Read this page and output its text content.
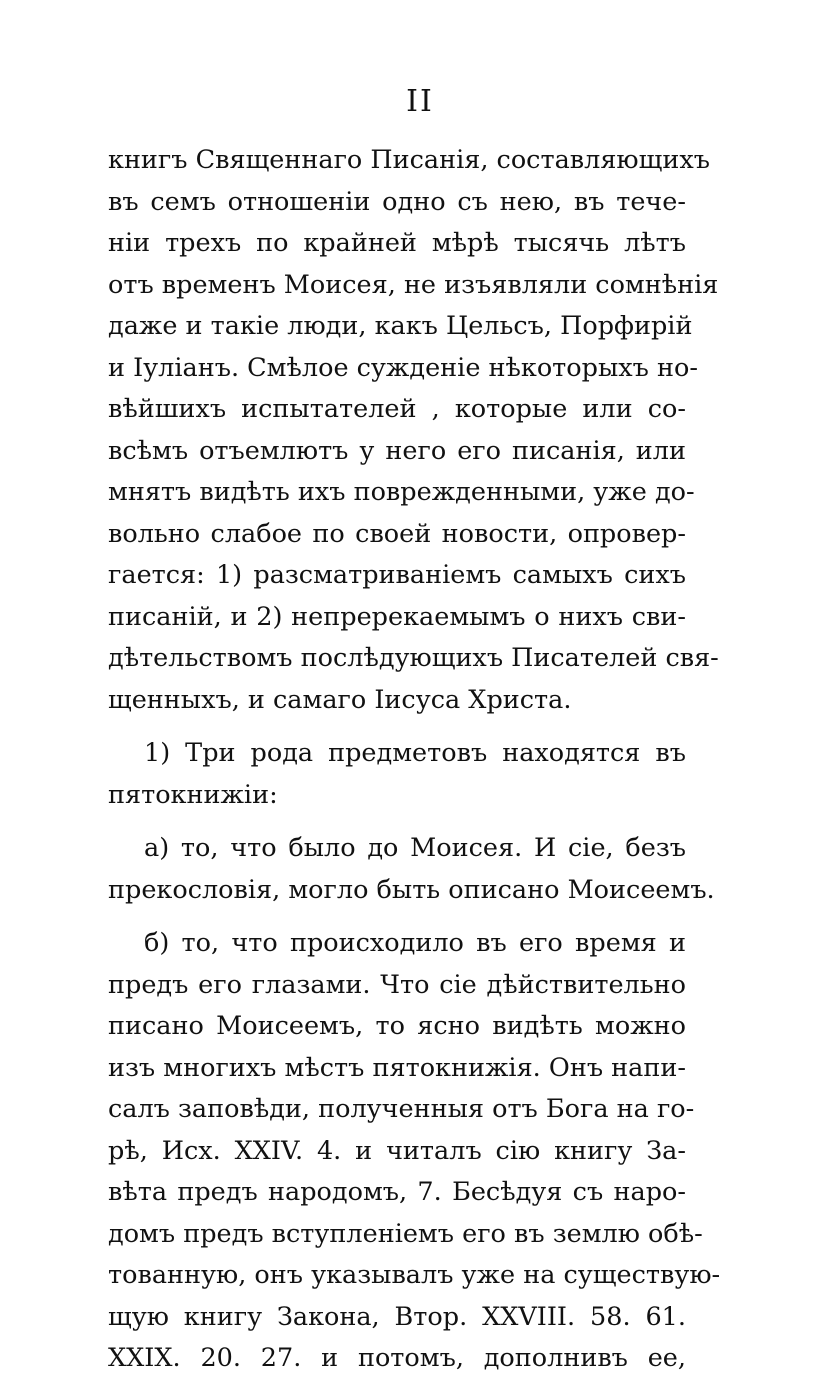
II
книгъ Священнаго Писанія, составляющихъ
въ семъ отношеніи одно съ нею, въ тече-
ніи трехъ по крайней мѣрѣ тысячь лѣтъ
отъ временъ Моисея, не изъявляли сомнѣнія
даже и такіе люди, какъ Цельсъ, Порфирій
и Іуліанъ. Смѣлое сужденіе нѣкоторыхъ но-
вѣйшихъ испытателей , которые или со-
всѣмъ отъемлютъ у него его писанія, или
мнятъ видѣть ихъ поврежденными, уже до-
вольно слабое по своей новости, опровер-
гается: 1) разсматриваніемъ самыхъ сихъ
писаній, и 2) непререкаемымъ о нихъ сви-
дѣтельствомъ послѣдующихъ Писателей свя-
щенныхъ, и самаго Іисуса Христа.
1) Три рода предметовъ находятся въ
пятокнижіи:
а) то, что было до Моисея. И сіе, безъ
прекословія, могло быть описано Моисеемъ.
б) то, что происходило въ его время и
предъ его глазами. Что сіе дѣйствительно
писано Моисеемъ, то ясно видѣть можно
изъ многихъ мѣстъ пятокнижія. Онъ напи-
салъ заповѣди, полученныя отъ Бога на го-
рѣ, Исх. XXIV. 4. и читалъ сію книгу За-
вѣта предъ народомъ, 7. Бесѣдуя съ наро-
домъ предъ вступленіемъ его въ землю обѣ-
тованную, онъ указывалъ уже на существую-
щую книгу Закона, Втор. XXVIII. 58. 61.
XXIX. 20. 27. и потомъ, дополнивъ ее,
